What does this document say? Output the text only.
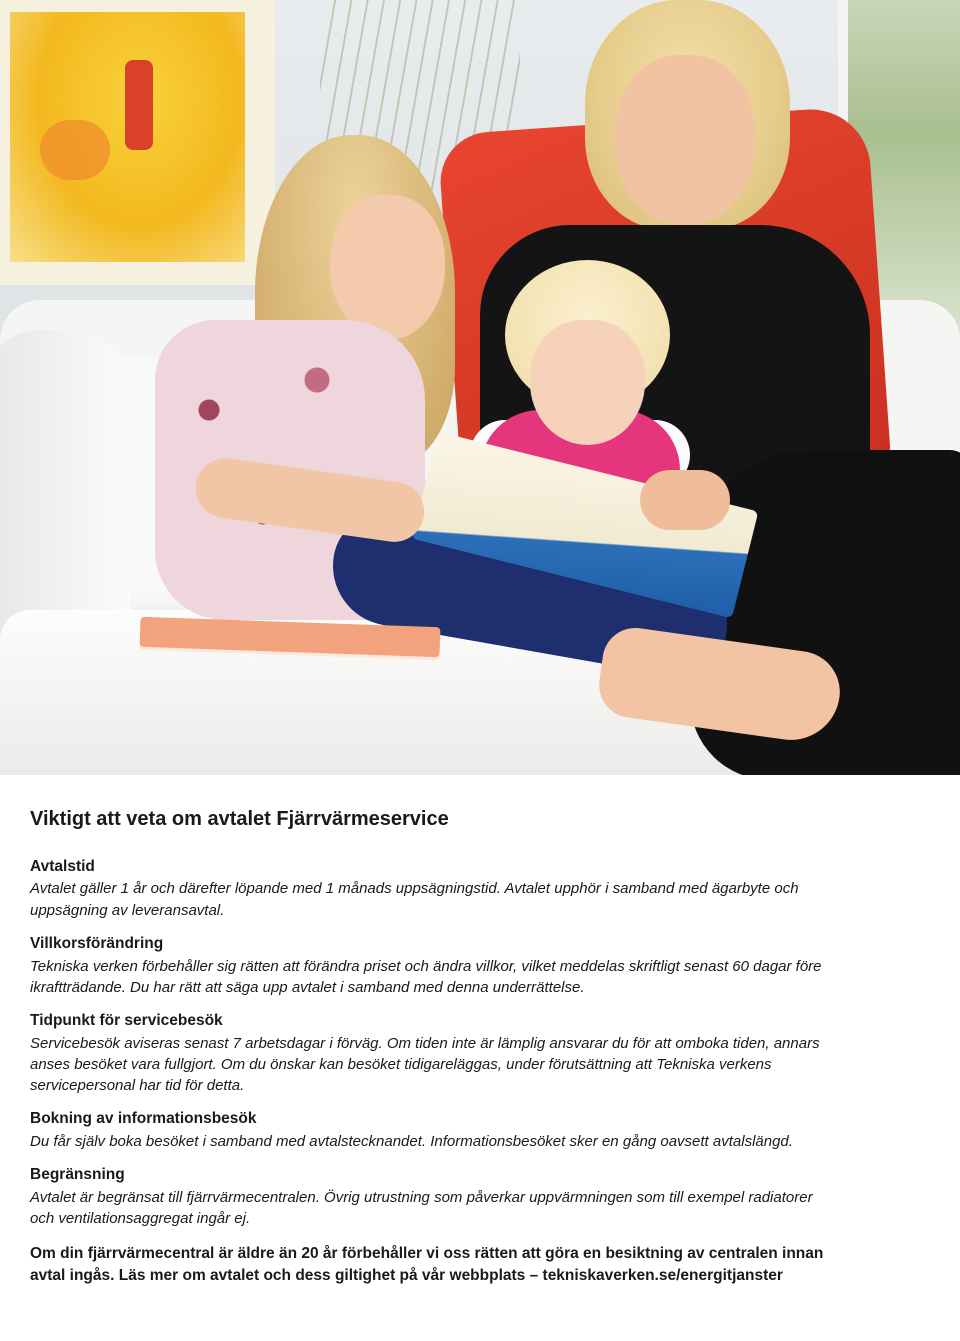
Viktigt att veta om avtalet Fjärrvärmeservice
Avtalstid

Avtalet gäller 1 år och därefter löpande med 1 månads uppsägningstid. Avtalet upphör i samband med ägarbyte och uppsägning av leveransavtal.

Villkorsförändring

Tekniska verken förbehåller sig rätten att förändra priset och ändra villkor, vilket meddelas skriftligt senast 60 dagar före ikraftträdande. Du har rätt att säga upp avtalet i samband med denna underrättelse.

Tidpunkt för servicebesök

Servicebesök aviseras senast 7 arbetsdagar i förväg. Om tiden inte är lämplig ansvarar du för att omboka tiden, annars anses besöket vara fullgjort. Om du önskar kan besöket tidigareläggas, under förutsättning att Tekniska verkens servicepersonal har tid för detta.

Bokning av informationsbesök

Du får själv boka besöket i samband med avtalstecknandet. Informationsbesöket sker en gång oavsett avtalslängd.

Begränsning

Avtalet är begränsat till fjärrvärmecentralen. Övrig utrustning som påverkar uppvärmningen som till exempel radiatorer och ventilationsaggregat ingår ej.

Om din fjärrvärmecentral är äldre än 20 år förbehåller vi oss rätten att göra en besiktning av centralen innan avtal ingås. Läs mer om avtalet och dess giltighet på vår webbplats – tekniskaverken.se/energitjanster
